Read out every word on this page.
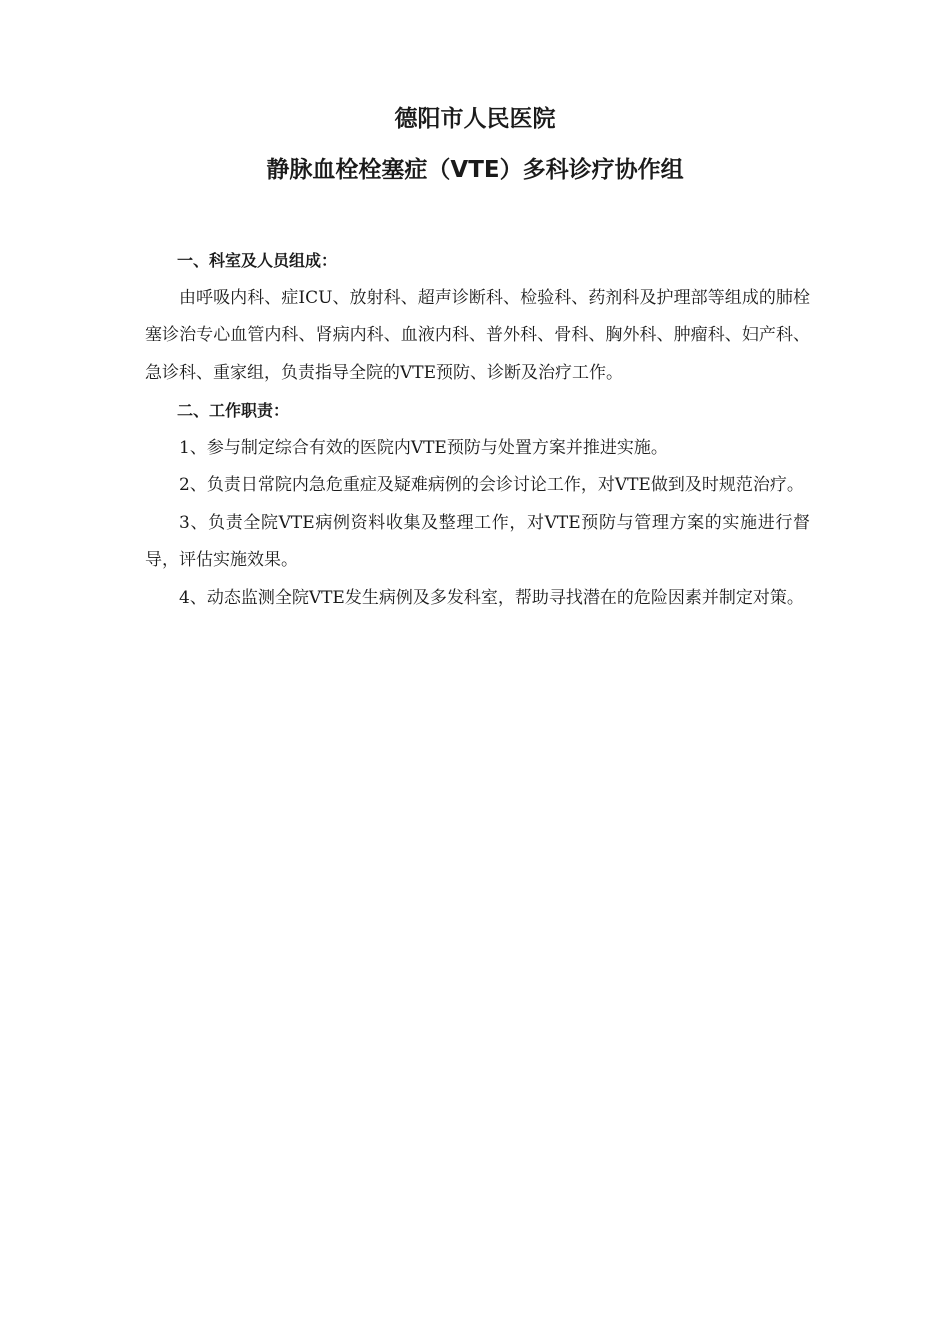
德阳市人民医院
静脉血栓栓塞症（VTE）多科诊疗协作组

一、科室及人员组成：

由呼吸内科、症ICU、放射科、超声诊断科、检验科、药剂科及护理部等组成的肺栓塞诊治专心血管内科、肾病内科、血液内科、普外科、骨科、胸外科、肿瘤科、妇产科、急诊科、重家组，负责指导全院的VTE预防、诊断及治疗工作。

二、工作职责：

1、参与制定综合有效的医院内VTE预防与处置方案并推进实施。

2、负责日常院内急危重症及疑难病例的会诊讨论工作，对VTE做到及时规范治疗。

3、负责全院VTE病例资料收集及整理工作，对VTE预防与管理方案的实施进行督导，评估实施效果。

4、动态监测全院VTE发生病例及多发科室，帮助寻找潜在的危险因素并制定对策。
